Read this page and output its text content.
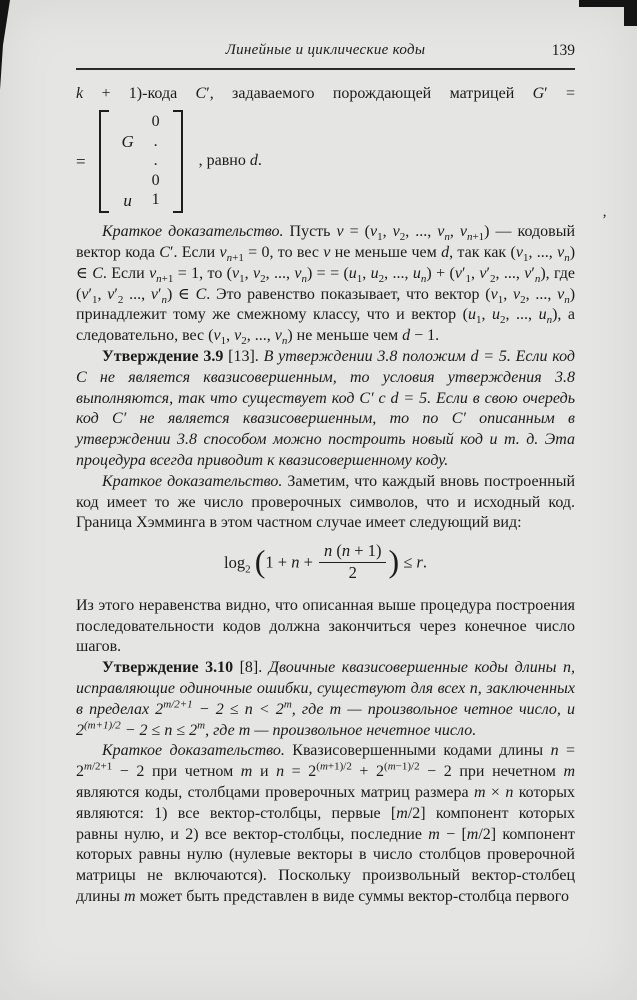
’
Линейные и циклические коды	139

k + 1)-кода C′, задаваемого порождающей матрицей G′ =

=
0
G .
.
0
u 1
, равно d.

Краткое доказательство. Пусть $v = (v_1$, $v_2$, ..., $v_n$, $v_{n+1}$) — кодовый вектор кода C′. Если $v_{n+1} = 0$, то вес v не меньше чем d, так как ($v_1$, ..., $v_n$) ∈ C. Если $v_{n+1} = 1$, то ($v_1$, $v_2$, ..., $v_n$) = = ($u_1$, $u_2$, ..., $u_n) + (v'_1$, $v'_2$, ..., $v'_n$), где ($v'_1$, $v'_2$ ..., $v'_n$) ∈ C. Это равенство показывает, что вектор ($v_1$, $v_2$, ..., $v_n$) принадлежит тому же смежному классу, что и вектор ($u_1$, $u_2$, ..., $u_n$), а следовательно, вес ($v_1$, $v_2$, ..., $v_n$) не меньше чем d − 1.

Утверждение 3.9 [13]. В утверждении 3.8 положим d = 5. Если код C не является квазисовершенным, то условия утверждения 3.8 выполняются, так что существует код C′ с d = 5. Если в свою очередь код C′ не является квазисовершенным, то по C′ описанным в утверждении 3.8 способом можно построить новый код и т. д. Эта процедура всегда приводит к квазисовершенному коду.

Краткое доказательство. Заметим, что каждый вновь построенный код имеет то же число проверочных символов, что и исходный код. Граница Хэмминга в этом частном случае имеет следующий вид:

$\log_2 (1 + n + \frac{n (n + 1)}{2}$ ) ≤ r.

Из этого неравенства видно, что описанная выше процедура построения последовательности кодов должна закончиться через конечное число шагов.

Утверждение 3.10 [8]. Двоичные квазисовершенные коды длины n, исправляющие одиночные ошибки, существуют для всех n, заключенных в пределах $2^{m/2+1} - 2 \le n < 2^m$, где m — произвольное четное число, и $2^{(m+1)/2} - 2 \le n \le 2^m$, где m — произвольное нечетное число.

Краткое доказательство. Квазисовершенными кодами длины $n = 2^{m/2+1} - 2$ при четном m и $n = 2^{(m+1)/2} + 2^{(m-1)/2} - 2$ при нечетном m являются коды, столбцами проверочных матриц размера m × n которых являются: 1) все вектор-столбцы, первые [m/2] компонент которых равны нулю, и 2) все вектор-столбцы, последние m − [m/2] компонент которых равны нулю (нулевые векторы в число столбцов проверочной матрицы не включаются). Поскольку произвольный вектор-столбец длины m может быть представлен в виде суммы вектор-столбца первого
